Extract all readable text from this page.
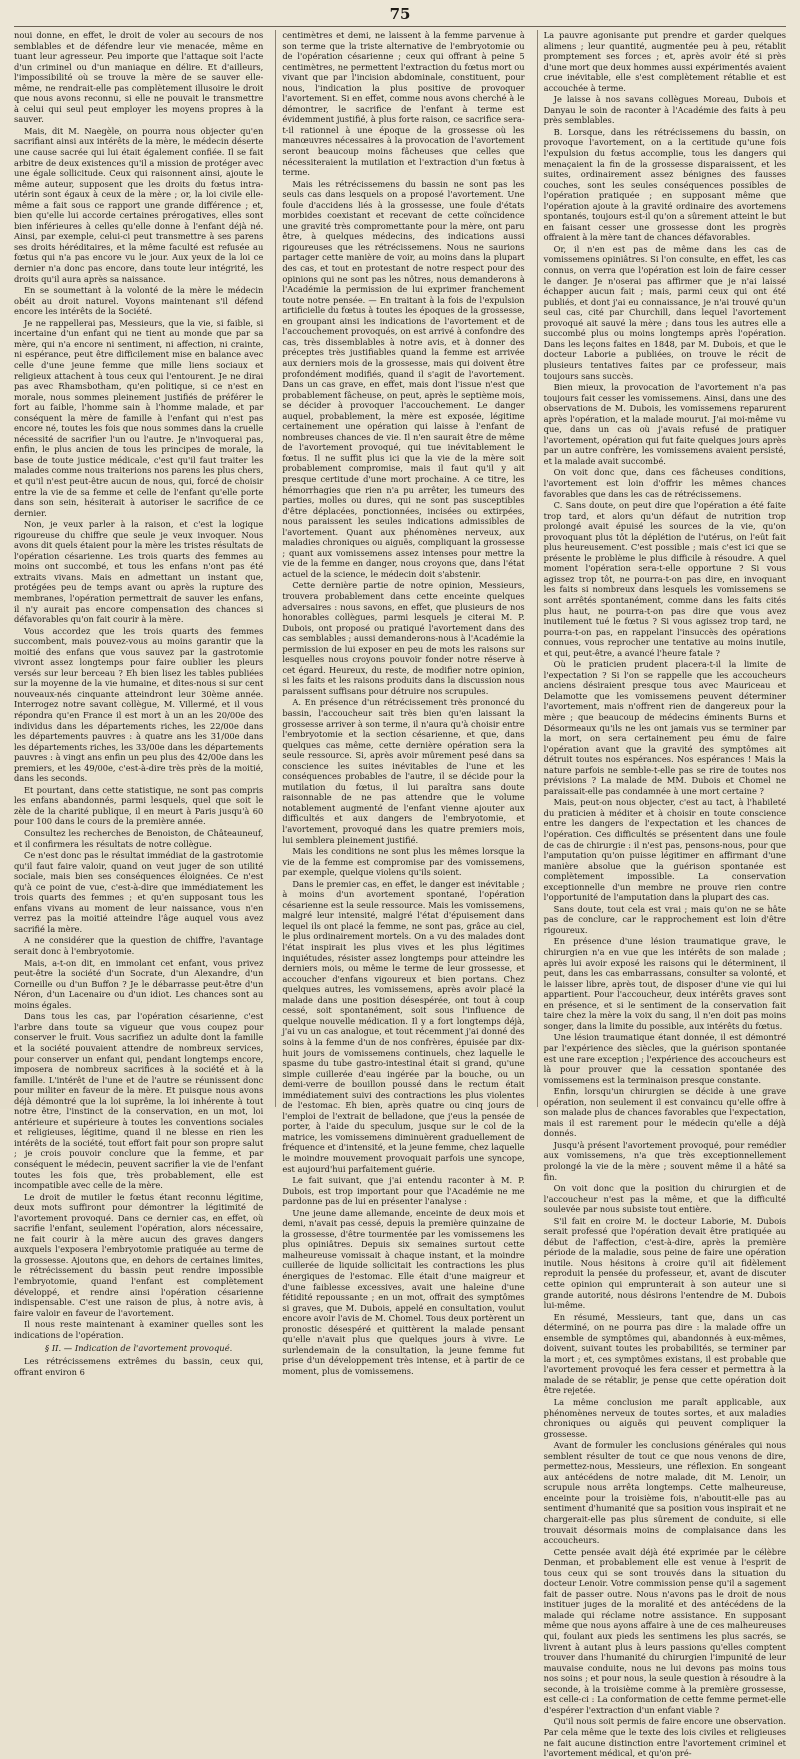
75

noui donne, en effet, le droit de voler au secours de nos semblables et de défendre leur vie menacée, même en tuant leur agresseur. Peu importe que l'attaque soit l'acte d'un criminel ou d'un maniaque en délire. Et d'ailleurs, l'impossibilité où se trouve la mère de se sauver elle-même, ne rendrait-elle pas complètement illusoire le droit que nous avons reconnu, si elle ne pouvait le transmettre à celui qui seul peut employer les moyens propres à la sauver.

Mais, dit M. Naegèle, on pourra nous objecter qu'en sacrifiant ainsi aux intérêts de la mère, le médecin déserte une cause sacrée qui lui était également confiée. Il se fait arbitre de deux existences qu'il a mission de protéger avec une égale sollicitude. Ceux qui raisonnent ainsi, ajoute le même auteur, supposent que les droits du fœtus intra-utérin sont égaux à ceux de la mère ; or, la loi civile elle-même a fait sous ce rapport une grande différence ; et, bien qu'elle lui accorde certaines prérogatives, elles sont bien inférieures à celles qu'elle donne à l'enfant déjà né. Ainsi, par exemple, celui-ci peut transmettre à ses parens ses droits héréditaires, et la même faculté est refusée au fœtus qui n'a pas encore vu le jour. Aux yeux de la loi ce dernier n'a donc pas encore, dans toute leur intégrité, les droits qu'il aura après sa naissance.

En se soumettant à la volonté de la mère le médecin obéit au droit naturel. Voyons maintenant s'il défend encore les intérêts de la Société.

Je ne rappellerai pas, Messieurs, que la vie, si faible, si incertaine d'un enfant qui ne tient au monde que par sa mère, qui n'a encore ni sentiment, ni affection, ni crainte, ni espérance, peut être difficilement mise en balance avec celle d'une jeune femme que mille liens sociaux et religieux attachent à tous ceux qui l'entourent. Je ne dirai pas avec Rhamsbotham, qu'en politique, si ce n'est en morale, nous sommes pleinement justifiés de préférer le fort au faible, l'homme sain à l'homme malade, et par conséquent la mère de famille à l'enfant qui n'est pas encore né, toutes les fois que nous sommes dans la cruelle nécessité de sacrifier l'un ou l'autre. Je n'invoquerai pas, enfin, le plus ancien de tous les principes de morale, la base de toute justice médicale, c'est qu'il faut traiter les malades comme nous traiterions nos parens les plus chers, et qu'il n'est peut-être aucun de nous, qui, forcé de choisir entre la vie de sa femme et celle de l'enfant qu'elle porte dans son sein, hésiterait à autoriser le sacrifice de ce dernier.

Non, je veux parler à la raison, et c'est la logique rigoureuse du chiffre que seule je veux invoquer. Nous avons dit quels étaient pour la mère les tristes résultats de l'opération césarienne. Les trois quarts des femmes au moins ont succombé, et tous les enfans n'ont pas été extraits vivans. Mais en admettant un instant que, protégées peu de temps avant ou après la rupture des membranes, l'opération permettrait de sauver les enfans, il n'y aurait pas encore compensation des chances si défavorables qu'on fait courir à la mère.

Vous accordez que les trois quarts des femmes succombent, mais pouvez-vous au moins garantir que la moitié des enfans que vous sauvez par la gastrotomie vivront assez longtemps pour faire oublier les pleurs versés sur leur berceau ? Eh bien lisez les tables publiées sur la moyenne de la vie humaine, et dites-nous si sur cent nouveaux-nés cinquante atteindront leur 30ème année. Interrogez notre savant collègue, M. Villermé, et il vous répondra qu'en France il est mort à un an les 20/00e des individus dans les départements riches, les 22/00e dans les départements pauvres : à quatre ans les 31/00e dans les départements riches, les 33/00e dans les départements pauvres : à vingt ans enfin un peu plus des 42/00e dans les premiers, et les 49/00e, c'est-à-dire très près de la moitié, dans les seconds.

Et pourtant, dans cette statistique, ne sont pas compris les enfans abandonnés, parmi lesquels, quel que soit le zèle de la charité publique, il en meurt à Paris jusqu'à 60 pour 100 dans le cours de la première année.

Consultez les recherches de Benoiston, de Châteauneuf, et il confirmera les résultats de notre collègue.

Ce n'est donc pas le résultat immédiat de la gastrotomie qu'il faut faire valoir, quand on veut juger de son utilité sociale, mais bien ses conséquences éloignées. Ce n'est qu'à ce point de vue, c'est-à-dire que immédiatement les trois quarts des femmes ; et qu'en supposant tous les enfans vivans au moment de leur naissance, vous n'en verrez pas la moitié atteindre l'âge auquel vous avez sacrifié la mère.

A ne considérer que la question de chiffre, l'avantage serait donc à l'embryotomie.

Mais, a-t-on dit, en immolant cet enfant, vous privez peut-être la société d'un Socrate, d'un Alexandre, d'un Corneille ou d'un Buffon ? Je le débarrasse peut-être d'un Néron, d'un Lacenaire ou d'un idiot. Les chances sont au moins égales.

Dans tous les cas, par l'opération césarienne, c'est l'arbre dans toute sa vigueur que vous coupez pour conserver le fruit. Vous sacrifiez un adulte dont la famille et la société pouvaient attendre de nombreux services, pour conserver un enfant qui, pendant longtemps encore, imposera de nombreux sacrifices à la société et à la famille. L'intérêt de l'une et de l'autre se réunissent donc pour militer en faveur de la mère. Et puisque nous avons déjà démontré que la loi suprême, la loi inhérente à tout notre être, l'instinct de la conservation, en un mot, loi antérieure et supérieure à toutes les conventions sociales et religieuses, légitime, quand il ne blesse en rien les intérêts de la société, tout effort fait pour son propre salut ; je crois pouvoir conclure que la femme, et par conséquent le médecin, peuvent sacrifier la vie de l'enfant toutes les fois que, très probablement, elle est incompatible avec celle de la mère.

Le droit de mutiler le fœtus étant reconnu légitime, deux mots suffiront pour démontrer la légitimité de l'avortement provoqué. Dans ce dernier cas, en effet, où sacrifie l'enfant, seulement l'opération, alors nécessaire, ne fait courir à la mère aucun des graves dangers auxquels l'exposera l'embryotomie pratiquée au terme de la grossesse. Ajoutons que, en dehors de certaines limites, le rétrécissement du bassin peut rendre impossible l'embryotomie, quand l'enfant est complètement développé, et rendre ainsi l'opération césarienne indispensable. C'est une raison de plus, à notre avis, à faire valoir en faveur de l'avortement.

Il nous reste maintenant à examiner quelles sont les indications de l'opération.

§ II. — Indication de l'avortement provoqué.

Les rétrécissemens extrêmes du bassin, ceux qui, offrant environ 6

centimètres et demi, ne laissent à la femme parvenue à son terme que la triste alternative de l'embryotomie ou de l'opération césarienne ; ceux qui offrant à peine 5 centimètres, ne permettent l'extraction du fœtus mort ou vivant que par l'incision abdominale, constituent, pour nous, l'indication la plus positive de provoquer l'avortement. Si en effet, comme nous avons cherché à le démontrer, le sacrifice de l'enfant à terme est évidemment justifié, à plus forte raison, ce sacrifice sera-t-il rationnel à une époque de la grossesse où les manœuvres nécessaires à la provocation de l'avortement seront beaucoup moins fâcheuses que celles que nécessiteraient la mutilation et l'extraction d'un fœtus à terme.

Mais les rétrécissemens du bassin ne sont pas les seuls cas dans lesquels on a proposé l'avortement. Une foule d'accidens liés à la grossesse, une foule d'états morbides coexistant et recevant de cette coïncidence une gravité très compromettante pour la mère, ont paru être, à quelques médecins, des indications aussi rigoureuses que les rétrécissemens. Nous ne saurions partager cette manière de voir, au moins dans la plupart des cas, et tout en protestant de notre respect pour des opinions qui ne sont pas les nôtres, nous demanderons à l'Académie la permission de lui exprimer franchement toute notre pensée. — En traitant à la fois de l'expulsion artificielle du fœtus à toutes les époques de la grossesse, en groupant ainsi les indications de l'avortement et de l'accouchement provoqués, on est arrivé à confondre des cas, très dissemblables à notre avis, et à donner des préceptes très justifiables quand la femme est arrivée aux derniers mois de la grossesse, mais qui doivent être profondément modifiés, quand il s'agit de l'avortement. Dans un cas grave, en effet, mais dont l'issue n'est que probablement fâcheuse, on peut, après le septième mois, se décider à provoquer l'accouchement. Le danger auquel, probablement, la mère est exposée, légitime certainement une opération qui laisse à l'enfant de nombreuses chances de vie. Il n'en saurait être de même de l'avortement provoqué, qui tue inévitablement le fœtus. Il ne suffit plus ici que la vie de la mère soit probablement compromise, mais il faut qu'il y ait presque certitude d'une mort prochaine. A ce titre, les hémorrhagies que rien n'a pu arrêter, les tumeurs des parties, molles ou dures, qui ne sont pas susceptibles d'être déplacées, ponctionnées, incisées ou extirpées, nous paraissent les seules indications admissibles de l'avortement. Quant aux phénomènes nerveux, aux maladies chroniques ou aiguës, compliquant la grossesse ; quant aux vomissemens assez intenses pour mettre la vie de la femme en danger, nous croyons que, dans l'état actuel de la science, le médecin doit s'abstenir.

Cette dernière partie de notre opinion, Messieurs, trouvera probablement dans cette enceinte quelques adversaires : nous savons, en effet, que plusieurs de nos honorables collègues, parmi lesquels je citerai M. P. Dubois, ont proposé ou pratiqué l'avortement dans des cas semblables ; aussi demanderons-nous à l'Académie la permission de lui exposer en peu de mots les raisons sur lesquelles nous croyons pouvoir fonder notre réserve à cet égard. Heureux, du reste, de modifier notre opinion, si les faits et les raisons produits dans la discussion nous paraissent suffisans pour détruire nos scrupules.

A. En présence d'un rétrécissement très prononcé du bassin, l'accoucheur sait très bien qu'en laissant la grossesse arriver à son terme, il n'aura qu'à choisir entre l'embryotomie et la section césarienne, et que, dans quelques cas même, cette dernière opération sera la seule ressource. Si, après avoir mûrement pesé dans sa conscience les suites inévitables de l'une et les conséquences probables de l'autre, il se décide pour la mutilation du fœtus, il lui paraîtra sans doute raisonnable de ne pas attendre que le volume notablement augmenté de l'enfant vienne ajouter aux difficultés et aux dangers de l'embryotomie, et l'avortement, provoqué dans les quatre premiers mois, lui semblera pleinement justifié.

Mais les conditions ne sont plus les mêmes lorsque la vie de la femme est compromise par des vomissemens, par exemple, quelque violens qu'ils soient.

Dans le premier cas, en effet, le danger est inévitable ; à moins d'un avortement spontané, l'opération césarienne est la seule ressource. Mais les vomissemens, malgré leur intensité, malgré l'état d'épuisement dans lequel ils ont placé la femme, ne sont pas, grâce au ciel, le plus ordinairement mortels. On a vu des malades dont l'état inspirait les plus vives et les plus légitimes inquiétudes, résister assez longtemps pour atteindre les derniers mois, ou même le terme de leur grossesse, et accoucher d'enfans vigoureux et bien portans. Chez quelques autres, les vomissemens, après avoir placé la malade dans une position désespérée, ont tout à coup cessé, soit spontanément, soit sous l'influence de quelque nouvelle médication. Il y a fort longtemps déjà, j'ai vu un cas analogue, et tout récemment j'ai donné des soins à la femme d'un de nos confrères, épuisée par dix-huit jours de vomissemens continuels, chez laquelle le spasme du tube gastro-intestinal était si grand, qu'une simple cuillerée d'eau ingérée par la bouche, ou un demi-verre de bouillon poussé dans le rectum était immédiatement suivi des contractions les plus violentes de l'estomac. Eh bien, après quatre ou cinq jours de l'emploi de l'extrait de belladone, que j'eus la pensée de porter, à l'aide du speculum, jusque sur le col de la matrice, les vomissemens diminuèrent graduellement de fréquence et d'intensité, et la jeune femme, chez laquelle le moindre mouvement provoquait parfois une syncope, est aujourd'hui parfaitement guérie.

Le fait suivant, que j'ai entendu raconter à M. P. Dubois, est trop important pour que l'Académie ne me pardonne pas de lui en présenter l'analyse :

Une jeune dame allemande, enceinte de deux mois et demi, n'avait pas cessé, depuis la première quinzaine de la grossesse, d'être tourmentée par les vomissemens les plus opiniâtres. Depuis six semaines surtout cette malheureuse vomissait à chaque instant, et la moindre cuillerée de liquide sollicitait les contractions les plus énergiques de l'estomac. Elle était d'une maigreur et d'une faiblesse excessives, avait une haleine d'une fétidité repoussante ; en un mot, offrait des symptômes si graves, que M. Dubois, appelé en consultation, voulut encore avoir l'avis de M. Chomel. Tous deux portèrent un pronostic désespéré et quittèrent la malade pensant qu'elle n'avait plus que quelques jours à vivre. Le surlendemain de la consultation, la jeune femme fut prise d'un développement très intense, et à partir de ce moment, plus de vomissemens.

La pauvre agonisante put prendre et garder quelques alimens ; leur quantité, augmentée peu à peu, rétablit promptement ses forces ; et, après avoir été si près d'une mort que deux hommes aussi expérimentés avaient crue inévitable, elle s'est complètement rétablie et est accouchée à terme.

Je laisse à nos savans collègues Moreau, Dubois et Danyau le soin de raconter à l'Académie des faits à peu près semblables.

B. Lorsque, dans les rétrécissemens du bassin, on provoque l'avortement, on a la certitude qu'une fois l'expulsion du fœtus accomplie, tous les dangers qui menaçaient la fin de la grossesse disparaissent, et les suites, ordinairement assez bénignes des fausses couches, sont les seules conséquences possibles de l'opération pratiquée ; en supposant même que l'opération ajoute à la gravité ordinaire des avortemens spontanés, toujours est-il qu'on a sûrement atteint le but en faisant cesser une grossesse dont les progrès offraient à la mère tant de chances défavorables.

Or, il n'en est pas de même dans les cas de vomissemens opiniâtres. Si l'on consulte, en effet, les cas connus, on verra que l'opération est loin de faire cesser le danger. Je n'oserai pas affirmer que je n'ai laissé échapper aucun fait ; mais, parmi ceux qui ont été publiés, et dont j'ai eu connaissance, je n'ai trouvé qu'un seul cas, cité par Churchill, dans lequel l'avortement provoqué ait sauvé la mère ; dans tous les autres elle a succombé plus ou moins longtemps après l'opération. Dans les leçons faites en 1848, par M. Dubois, et que le docteur Laborie a publiées, on trouve le récit de plusieurs tentatives faites par ce professeur, mais toujours sans succès.

Bien mieux, la provocation de l'avortement n'a pas toujours fait cesser les vomissemens. Ainsi, dans une des observations de M. Dubois, les vomissemens reparurent après l'opération, et la malade mourut. J'ai moi-même vu que, dans un cas où j'avais refusé de pratiquer l'avortement, opération qui fut faite quelques jours après par un autre confrère, les vomissemens avaient persisté, et la malade avait succombé.

On voit donc que, dans ces fâcheuses conditions, l'avortement est loin d'offrir les mêmes chances favorables que dans les cas de rétrécissemens.

C. Sans doute, on peut dire que l'opération a été faite trop tard, et alors qu'un défaut de nutrition trop prolongé avait épuisé les sources de la vie, qu'on provoquant plus tôt la déplétion de l'utérus, on l'eût fait plus heureusement. C'est possible ; mais c'est ici que se présente le problème le plus difficile à résoudre. A quel moment l'opération sera-t-elle opportune ? Si vous agissez trop tôt, ne pourra-t-on pas dire, en invoquant les faits si nombreux dans lesquels les vomissemens se sont arrêtés spontanément, comme dans les faits cités plus haut, ne pourra-t-on pas dire que vous avez inutilement tué le fœtus ? Si vous agissez trop tard, ne pourra-t-on pas, en rappelant l'insuccès des opérations connues, vous reprocher une tentative au moins inutile, et qui, peut-être, a avancé l'heure fatale ?

Où le praticien prudent placera-t-il la limite de l'expectation ? Si l'on se rappelle que les accoucheurs anciens désiraient presque tous avec Mauriceau et Delamotte que les vomissemens peuvent déterminer l'avortement, mais n'offrent rien de dangereux pour la mère ; que beaucoup de médecins éminents Burns et Désormeaux qu'ils ne les ont jamais vus se terminer par la mort, on sera certainement peu ému de faire l'opération avant que la gravité des symptômes ait détruit toutes nos espérances. Nos espérances ! Mais la nature parfois ne semble-t-elle pas se rire de toutes nos prévisions ? La malade de MM. Dubois et Chomel ne paraissait-elle pas condamnée à une mort certaine ?

Mais, peut-on nous objecter, c'est au tact, à l'habileté du praticien à méditer et à choisir en toute conscience entre les dangers de l'expectation et les chances de l'opération. Ces difficultés se présentent dans une foule de cas de chirurgie : il n'est pas, pensons-nous, pour que l'amputation qu'on puisse légitimer en affirmant d'une manière absolue que la guérison spontanée est complètement impossible. La conservation exceptionnelle d'un membre ne prouve rien contre l'opportunité de l'amputation dans la plupart des cas.

Sans doute, tout cela est vrai ; mais qu'on ne se hâte pas de conclure, car le rapprochement est loin d'être rigoureux.

En présence d'une lésion traumatique grave, le chirurgien n'a en vue que les intérêts de son malade ; après lui avoir exposé les raisons qui le déterminent, il peut, dans les cas embarrassans, consulter sa volonté, et le laisser libre, après tout, de disposer d'une vie qui lui appartient. Pour l'accoucheur, deux intérêts graves sont en présence, et si le sentiment de la conservation fait taire chez la mère la voix du sang, il n'en doit pas moins songer, dans la limite du possible, aux intérêts du fœtus.

Une lésion traumatique étant donnée, il est démontré par l'expérience des siècles, que la guérison spontanée est une rare exception ; l'expérience des accoucheurs est là pour prouver que la cessation spontanée des vomissemens est la terminaison presque constante.

Enfin, lorsqu'un chirurgien se décide à une grave opération, non seulement il est convaincu qu'elle offre à son malade plus de chances favorables que l'expectation, mais il est rarement pour le médecin qu'elle a déjà donnés.

Jusqu'à présent l'avortement provoqué, pour remédier aux vomissemens, n'a que très exceptionnellement prolongé la vie de la mère ; souvent même il a hâté sa fin.

On voit donc que la position du chirurgien et de l'accoucheur n'est pas la même, et que la difficulté soulevée par nous subsiste tout entière.

S'il fait en croire M. le docteur Laborie, M. Dubois serait professé que l'opération devait être pratiquée au début de l'affection, c'est-à-dire, après la première période de la maladie, sous peine de faire une opération inutile. Nous hésitons à croire qu'il ait fidèlement reproduit la pensée du professeur, et, avant de discuter cette opinion qui emprunterait à son auteur une si grande autorité, nous désirons l'entendre de M. Dubois lui-même.

En résumé, Messieurs, tant que, dans un cas déterminé, on ne pourra pas dire : la malade offre un ensemble de symptômes qui, abandonnés à eux-mêmes, doivent, suivant toutes les probabilités, se terminer par la mort ; et, ces symptômes existans, il est probable que l'avortement provoqué les fera cesser et permettra à la malade de se rétablir, je pense que cette opération doit être rejetée.

La même conclusion me paraît applicable, aux phénomènes nerveux de toutes sortes, et aux maladies chroniques ou aiguës qui peuvent compliquer la grossesse.

Avant de formuler les conclusions générales qui nous semblent résulter de tout ce que nous venons de dire, permettez-nous, Messieurs, une réflexion. En songeant aux antécédens de notre malade, dit M. Lenoir, un scrupule nous arrêta longtemps. Cette malheureuse, enceinte pour la troisième fois, n'aboutit-elle pas au sentiment d'humanité que sa position vous inspirait et ne chargerait-elle pas plus sûrement de conduite, si elle trouvait désormais moins de complaisance dans les accoucheurs.

Cette pensée avait déjà été exprimée par le célèbre Denman, et probablement elle est venue à l'esprit de tous ceux qui se sont trouvés dans la situation du docteur Lenoir. Votre commission pense qu'il a sagement fait de passer outre. Nous n'avons pas le droit de nous instituer juges de la moralité et des antécédens de la malade qui réclame notre assistance. En supposant même que nous ayons affaire à une de ces malheureuses qui, foulant aux pieds les sentimens les plus sacrés, se livrent à autant plus à leurs passions qu'elles comptent trouver dans l'humanité du chirurgien l'impunité de leur mauvaise conduite, nous ne lui devons pas moins tous nos soins ; et pour nous, la seule question à résoudre à la seconde, à la troisième comme à la première grossesse, est celle-ci : La conformation de cette femme permet-elle d'espérer l'extraction d'un enfant viable ?

Qu'il nous soit permis de faire encore une observation. Par cela même que le texte des lois civiles et religieuses ne fait aucune distinction entre l'avortement criminel et l'avortement médical, et qu'on pré-
